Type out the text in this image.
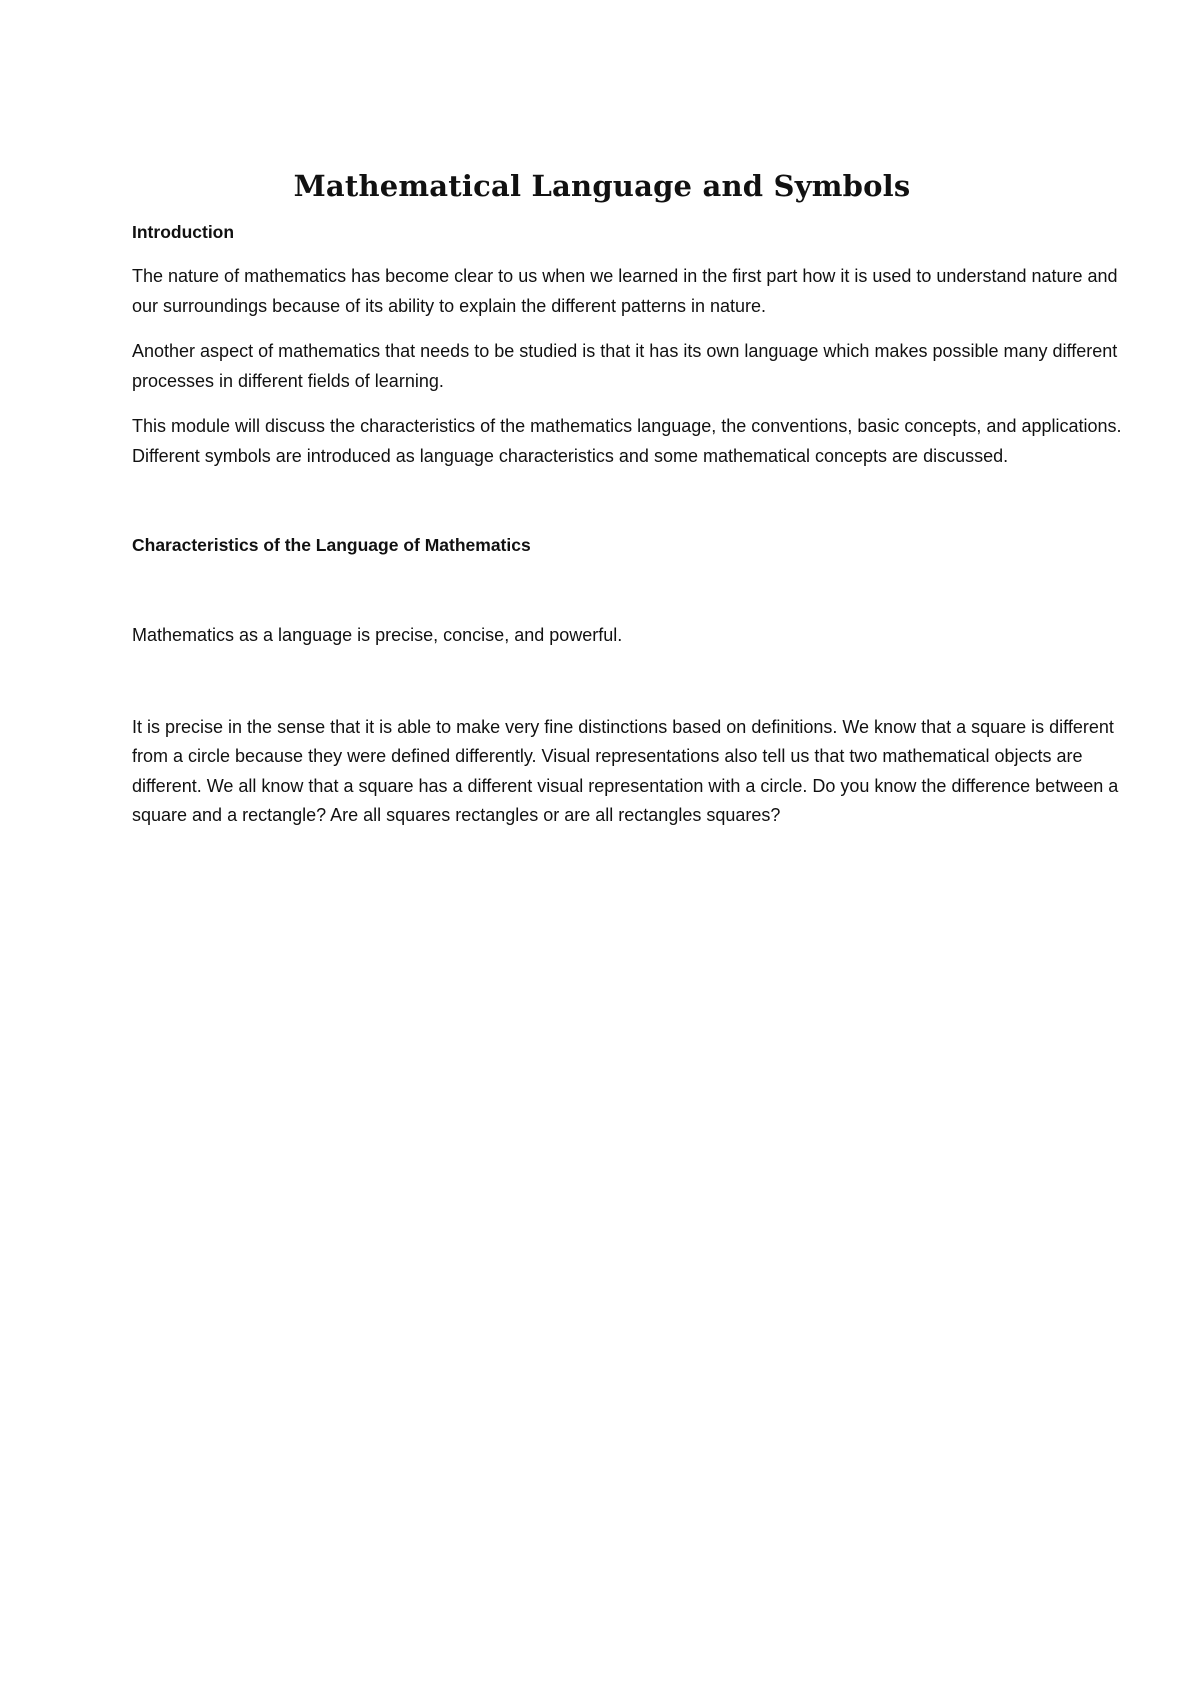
Mathematical Language and Symbols
Introduction

The nature of mathematics has become clear to us when we learned in the first part how it is used to understand nature and our surroundings because of its ability to explain the different patterns in nature.

Another aspect of mathematics that needs to be studied is that it has its own language which makes possible many different processes in different fields of learning.

This module will discuss the characteristics of the mathematics language, the conventions, basic concepts, and applications. Different symbols are introduced as language characteristics and some mathematical concepts are discussed.

Characteristics of the Language of Mathematics

Mathematics as a language is precise, concise, and powerful.

It is precise in the sense that it is able to make very fine distinctions based on definitions. We know that a square is different from a circle because they were defined differently. Visual representations also tell us that two mathematical objects are different. We all know that a square has a different visual representation with a circle. Do you know the difference between a square and a rectangle? Are all squares rectangles or are all rectangles squares?
